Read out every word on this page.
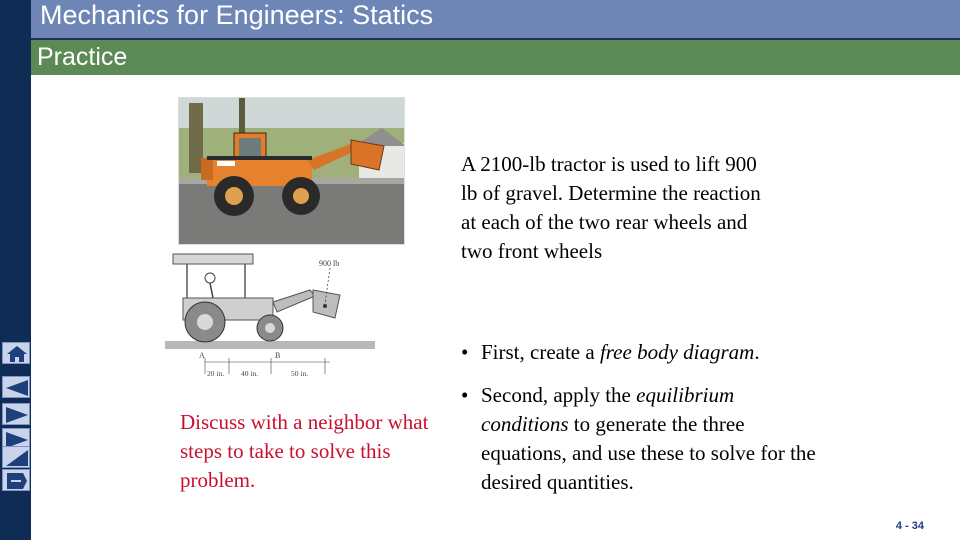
Mechanics for Engineers: Statics
Practice
900 lb
A	B
20 in. 40 in.	50 in.
A 2100-lb tractor is used to lift 900 lb of gravel. Determine the reaction at each of the two rear wheels and two front wheels
Discuss with a neighbor what steps to take to solve this problem.
• First, create a free body diagram.
• Second, apply the equilibrium conditions to generate the three equations, and use these to solve for the desired quantities.
4 - 34
